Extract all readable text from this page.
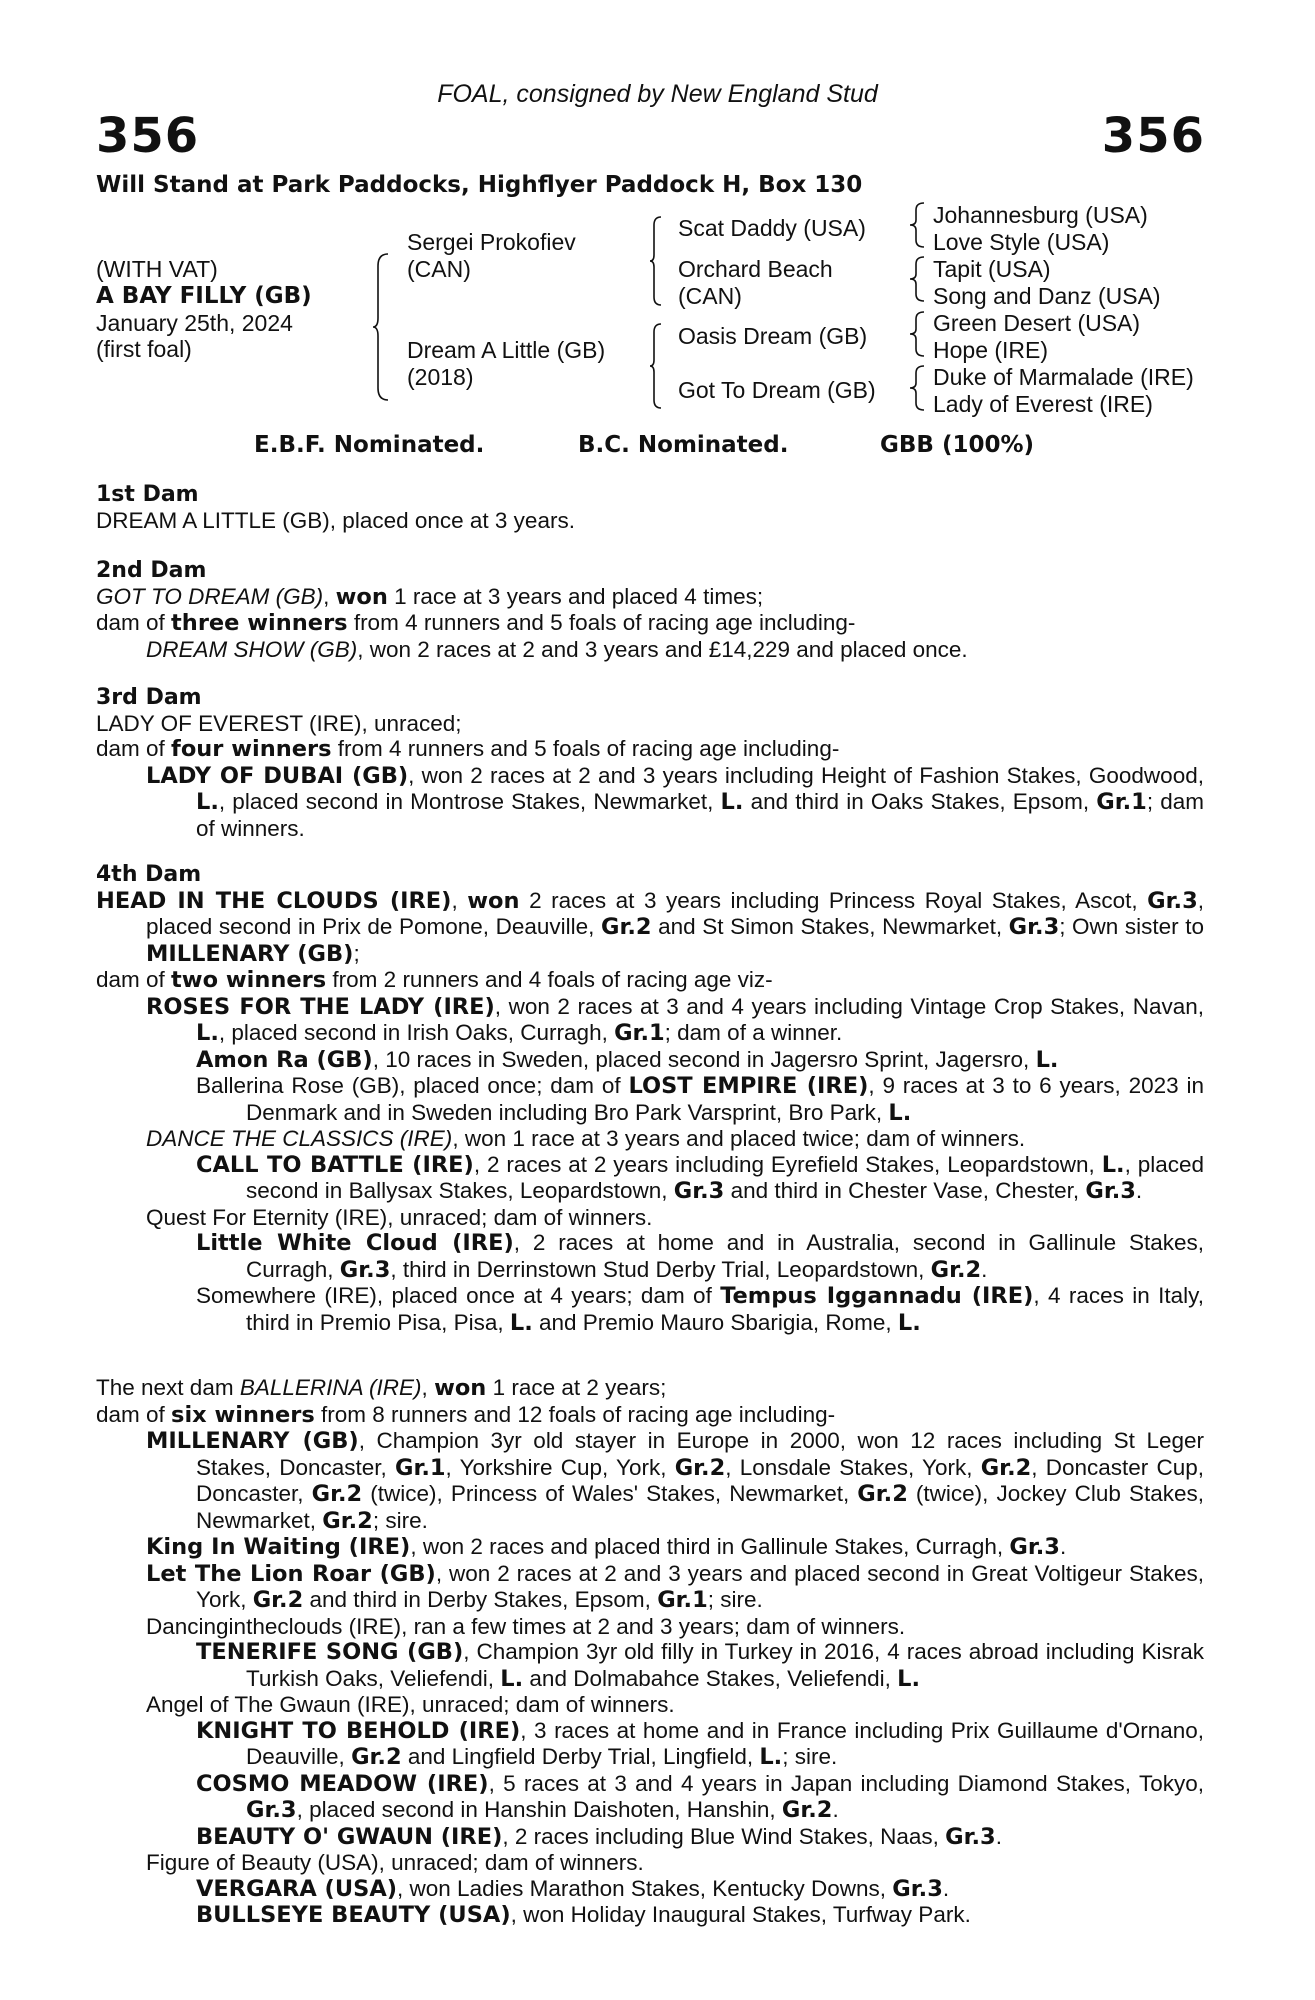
FOAL, consigned by New England Stud
356	356
Will Stand at Park Paddocks, Highflyer Paddock H, Box 130
(WITH VAT)
A BAY FILLY (GB)
January 25th, 2024
(first foal)
Sergei Prokofiev
(CAN)
Dream A Little (GB)
(2018)
Scat Daddy (USA)
Orchard Beach
(CAN)
Oasis Dream (GB)
Got To Dream (GB)
Johannesburg (USA)
Love Style (USA)
Tapit (USA)
Song and Danz (USA)
Green Desert (USA)
Hope (IRE)
Duke of Marmalade (IRE)
Lady of Everest (IRE)
E.B.F. Nominated.	B.C. Nominated.	GBB (100%)
1st Dam
DREAM A LITTLE (GB), placed once at 3 years.
2nd Dam
GOT TO DREAM (GB), won 1 race at 3 years and placed 4 times;
dam of three winners from 4 runners and 5 foals of racing age including-
DREAM SHOW (GB), won 2 races at 2 and 3 years and £14,229 and placed once.
3rd Dam
LADY OF EVEREST (IRE), unraced;
dam of four winners from 4 runners and 5 foals of racing age including-
LADY OF DUBAI (GB), won 2 races at 2 and 3 years including Height of Fashion Stakes, Goodwood, L., placed second in Montrose Stakes, Newmarket, L. and third in Oaks Stakes, Epsom, Gr.1; dam of winners.
4th Dam
HEAD IN THE CLOUDS (IRE), won 2 races at 3 years including Princess Royal Stakes, Ascot, Gr.3, placed second in Prix de Pomone, Deauville, Gr.2 and St Simon Stakes, Newmarket, Gr.3; Own sister to MILLENARY (GB);
dam of two winners from 2 runners and 4 foals of racing age viz-
ROSES FOR THE LADY (IRE), won 2 races at 3 and 4 years including Vintage Crop Stakes, Navan, L., placed second in Irish Oaks, Curragh, Gr.1; dam of a winner.
Amon Ra (GB), 10 races in Sweden, placed second in Jagersro Sprint, Jagersro, L.
Ballerina Rose (GB), placed once; dam of LOST EMPIRE (IRE), 9 races at 3 to 6 years, 2023 in Denmark and in Sweden including Bro Park Varsprint, Bro Park, L.
DANCE THE CLASSICS (IRE), won 1 race at 3 years and placed twice; dam of winners.
CALL TO BATTLE (IRE), 2 races at 2 years including Eyrefield Stakes, Leopardstown, L., placed second in Ballysax Stakes, Leopardstown, Gr.3 and third in Chester Vase, Chester, Gr.3.
Quest For Eternity (IRE), unraced; dam of winners.
Little White Cloud (IRE), 2 races at home and in Australia, second in Gallinule Stakes, Curragh, Gr.3, third in Derrinstown Stud Derby Trial, Leopardstown, Gr.2.
Somewhere (IRE), placed once at 4 years; dam of Tempus Iggannadu (IRE), 4 races in Italy, third in Premio Pisa, Pisa, L. and Premio Mauro Sbarigia, Rome, L.
The next dam BALLERINA (IRE), won 1 race at 2 years;
dam of six winners from 8 runners and 12 foals of racing age including-
MILLENARY (GB), Champion 3yr old stayer in Europe in 2000, won 12 races including St Leger Stakes, Doncaster, Gr.1, Yorkshire Cup, York, Gr.2, Lonsdale Stakes, York, Gr.2, Doncaster Cup, Doncaster, Gr.2 (twice), Princess of Wales' Stakes, Newmarket, Gr.2 (twice), Jockey Club Stakes, Newmarket, Gr.2; sire.
King In Waiting (IRE), won 2 races and placed third in Gallinule Stakes, Curragh, Gr.3.
Let The Lion Roar (GB), won 2 races at 2 and 3 years and placed second in Great Voltigeur Stakes, York, Gr.2 and third in Derby Stakes, Epsom, Gr.1; sire.
Dancingintheclouds (IRE), ran a few times at 2 and 3 years; dam of winners.
TENERIFE SONG (GB), Champion 3yr old filly in Turkey in 2016, 4 races abroad including Kisrak Turkish Oaks, Veliefendi, L. and Dolmabahce Stakes, Veliefendi, L.
Angel of The Gwaun (IRE), unraced; dam of winners.
KNIGHT TO BEHOLD (IRE), 3 races at home and in France including Prix Guillaume d'Ornano, Deauville, Gr.2 and Lingfield Derby Trial, Lingfield, L.; sire.
COSMO MEADOW (IRE), 5 races at 3 and 4 years in Japan including Diamond Stakes, Tokyo, Gr.3, placed second in Hanshin Daishoten, Hanshin, Gr.2.
BEAUTY O' GWAUN (IRE), 2 races including Blue Wind Stakes, Naas, Gr.3.
Figure of Beauty (USA), unraced; dam of winners.
VERGARA (USA), won Ladies Marathon Stakes, Kentucky Downs, Gr.3.
BULLSEYE BEAUTY (USA), won Holiday Inaugural Stakes, Turfway Park.
